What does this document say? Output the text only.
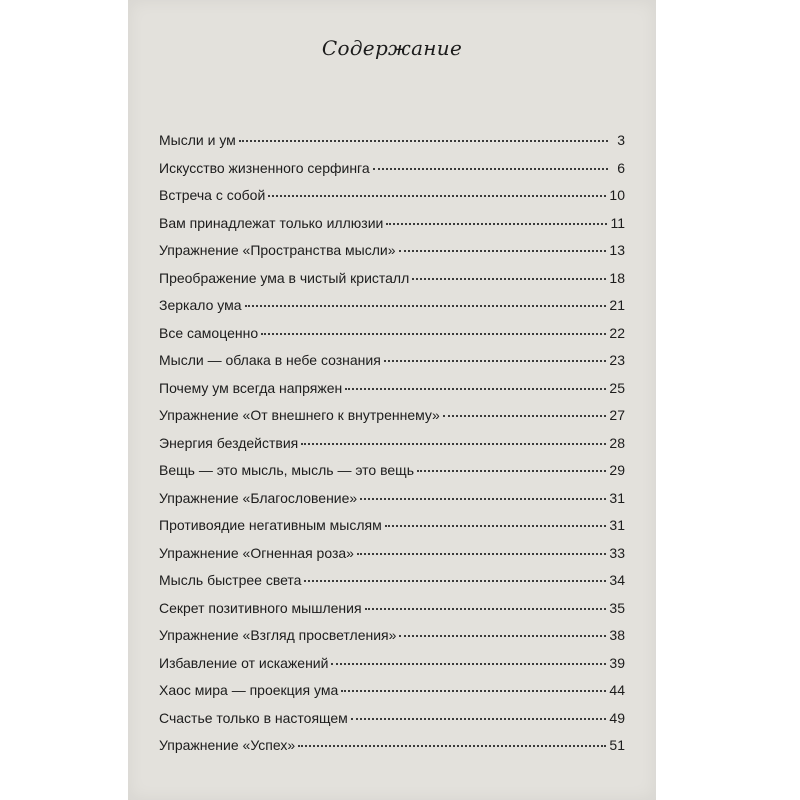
Содержание
Мысли и ум	3
Искусство жизненного серфинга	6
Встреча с собой	10
Вам принадлежат только иллюзии	11
Упражнение «Пространства мысли»	13
Преображение ума в чистый кристалл	18
Зеркало ума	21
Все самоценно	22
Мысли — облака в небе сознания	23
Почему ум всегда напряжен	25
Упражнение «От внешнего к внутреннему»	27
Энергия бездействия	28
Вещь — это мысль, мысль — это вещь	29
Упражнение «Благословение»	31
Противоядие негативным мыслям	31
Упражнение «Огненная роза»	33
Мысль быстрее света	34
Секрет позитивного мышления	35
Упражнение «Взгляд просветления»	38
Избавление от искажений	39
Хаос мира — проекция ума	44
Счастье только в настоящем	49
Упражнение «Успех»	51
